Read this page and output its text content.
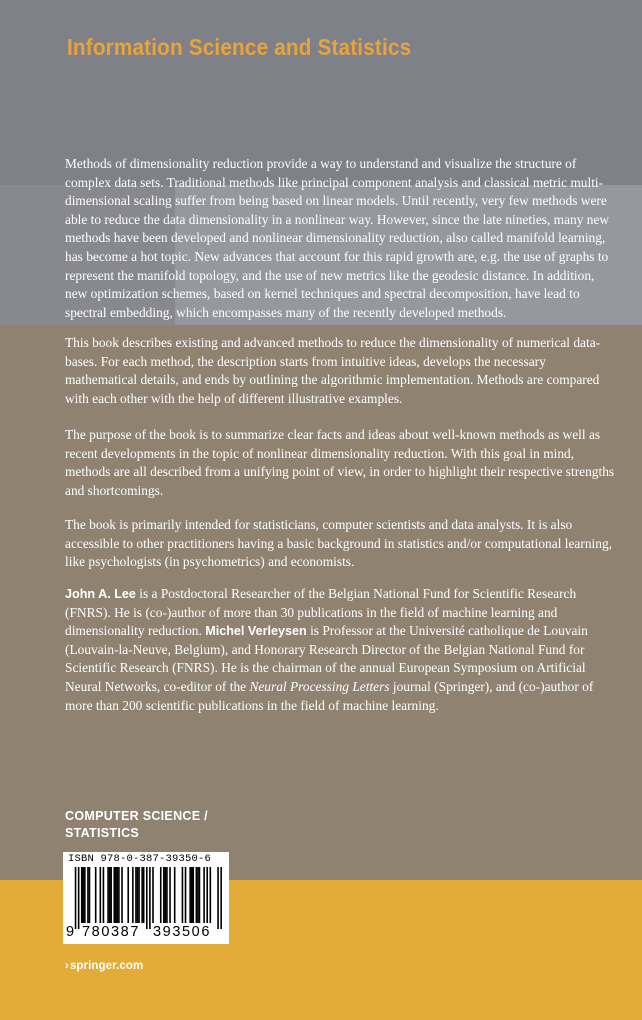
Information Science and Statistics

Methods of dimensionality reduction provide a way to understand and visualize the structure of complex data sets. Traditional methods like principal component analysis and classical metric multi-dimensional scaling suffer from being based on linear models. Until recently, very few methods were able to reduce the data dimensionality in a nonlinear way. However, since the late nineties, many new methods have been developed and nonlinear dimensionality reduction, also called manifold learning, has become a hot topic. New advances that account for this rapid growth are, e.g. the use of graphs to represent the manifold topology, and the use of new metrics like the geodesic distance. In addition, new optimization schemes, based on kernel techniques and spectral decomposition, have lead to spectral embedding, which encompasses many of the recently developed methods.

This book describes existing and advanced methods to reduce the dimensionality of numerical data-bases. For each method, the description starts from intuitive ideas, develops the necessary mathematical details, and ends by outlining the algorithmic implementation. Methods are compared with each other with the help of different illustrative examples.

The purpose of the book is to summarize clear facts and ideas about well-known methods as well as recent developments in the topic of nonlinear dimensionality reduction. With this goal in mind, methods are all described from a unifying point of view, in order to highlight their respective strengths and shortcomings.

The book is primarily intended for statisticians, computer scientists and data analysts. It is also accessible to other practitioners having a basic background in statistics and/or computational learning, like psychologists (in psychometrics) and economists.

John A. Lee is a Postdoctoral Researcher of the Belgian National Fund for Scientific Research (FNRS). He is (co-)author of more than 30 publications in the field of machine learning and dimensionality reduction. Michel Verleysen is Professor at the Université catholique de Louvain (Louvain-la-Neuve, Belgium), and Honorary Research Director of the Belgian National Fund for Scientific Research (FNRS). He is the chairman of the annual European Symposium on Artificial Neural Networks, co-editor of the Neural Processing Letters journal (Springer), and (co-)author of more than 200 scientific publications in the field of machine learning.

COMPUTER SCIENCE /
STATISTICS
ISBN 978-0-387-39350-6
9 780387 393506
›springer.com
